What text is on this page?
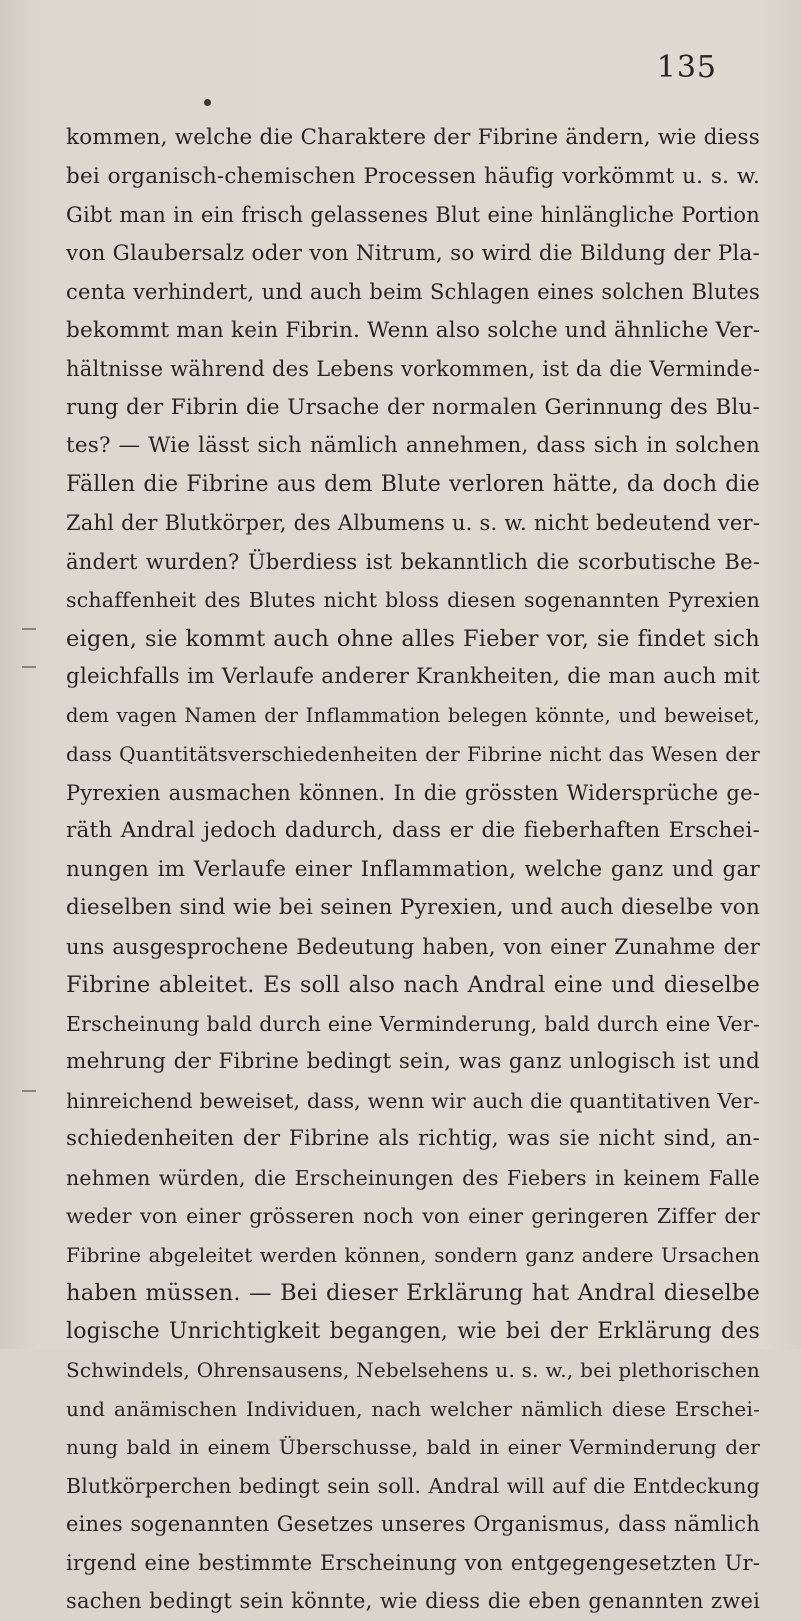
135
kommen, welche die Charaktere der Fibrine ändern, wie diess
bei organisch-chemischen Processen häufig vorkömmt u. s. w.
Gibt man in ein frisch gelassenes Blut eine hinlängliche Portion
von Glaubersalz oder von Nitrum, so wird die Bildung der Pla-
centa verhindert, und auch beim Schlagen eines solchen Blutes
bekommt man kein Fibrin. Wenn also solche und ähnliche Ver-
hältnisse während des Lebens vorkommen, ist da die Verminde-
rung der Fibrin die Ursache der normalen Gerinnung des Blu-
tes? — Wie lässt sich nämlich annehmen, dass sich in solchen
Fällen die Fibrine aus dem Blute verloren hätte, da doch die
Zahl der Blutkörper, des Albumens u. s. w. nicht bedeutend ver-
ändert wurden? Überdiess ist bekanntlich die scorbutische Be-
schaffenheit des Blutes nicht bloss diesen sogenannten Pyrexien
eigen, sie kommt auch ohne alles Fieber vor, sie findet sich
gleichfalls im Verlaufe anderer Krankheiten, die man auch mit
dem vagen Namen der Inflammation belegen könnte, und beweiset,
dass Quantitätsverschiedenheiten der Fibrine nicht das Wesen der
Pyrexien ausmachen können. In die grössten Widersprüche ge-
räth Andral jedoch dadurch, dass er die fieberhaften Erschei-
nungen im Verlaufe einer Inflammation, welche ganz und gar
dieselben sind wie bei seinen Pyrexien, und auch dieselbe von
uns ausgesprochene Bedeutung haben, von einer Zunahme der
Fibrine ableitet. Es soll also nach Andral eine und dieselbe
Erscheinung bald durch eine Verminderung, bald durch eine Ver-
mehrung der Fibrine bedingt sein, was ganz unlogisch ist und
hinreichend beweiset, dass, wenn wir auch die quantitativen Ver-
schiedenheiten der Fibrine als richtig, was sie nicht sind, an-
nehmen würden, die Erscheinungen des Fiebers in keinem Falle
weder von einer grösseren noch von einer geringeren Ziffer der
Fibrine abgeleitet werden können, sondern ganz andere Ursachen
haben müssen. — Bei dieser Erklärung hat Andral dieselbe
logische Unrichtigkeit begangen, wie bei der Erklärung des
Schwindels, Ohrensausens, Nebelsehens u. s. w., bei plethorischen
und anämischen Individuen, nach welcher nämlich diese Erschei-
nung bald in einem Überschusse, bald in einer Verminderung der
Blutkörperchen bedingt sein soll. Andral will auf die Entdeckung
eines sogenannten Gesetzes unseres Organismus, dass nämlich
irgend eine bestimmte Erscheinung von entgegengesetzten Ur-
sachen bedingt sein könnte, wie diess die eben genannten zwei
